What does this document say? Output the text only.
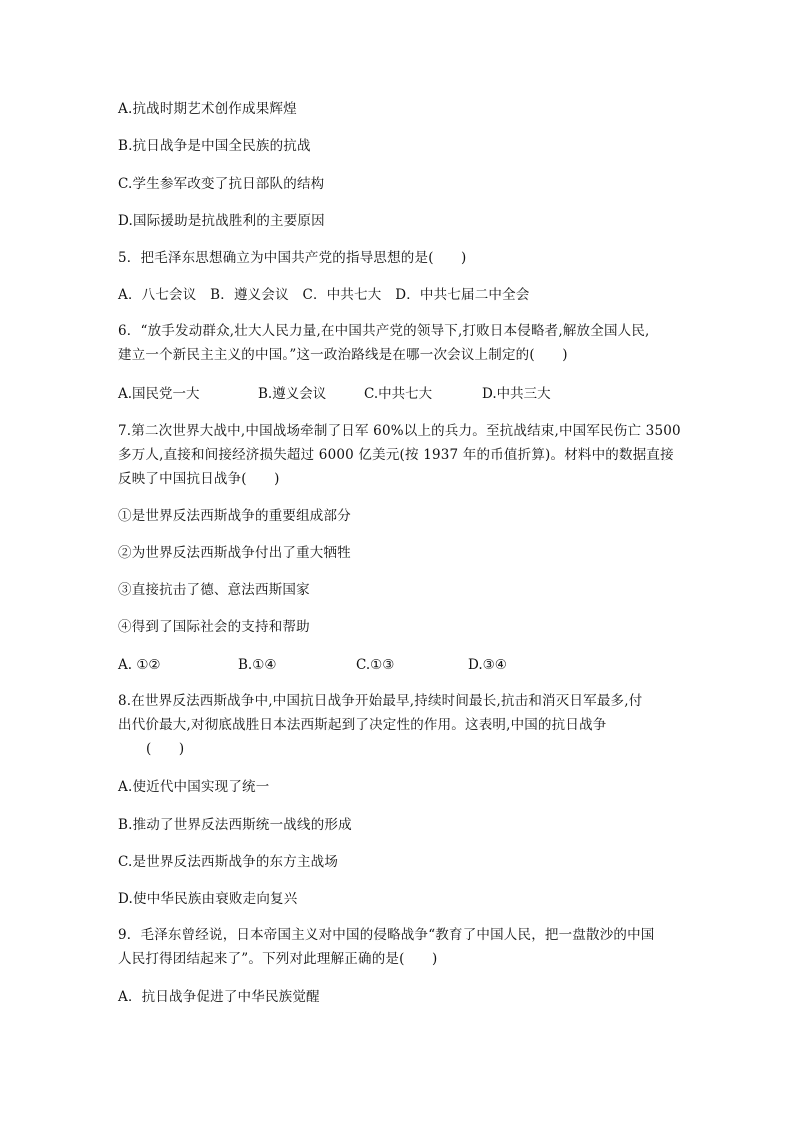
A.抗战时期艺术创作成果辉煌
B.抗日战争是中国全民族的抗战
C.学生参军改变了抗日部队的结构
D.国际援助是抗战胜利的主要原因
5．把毛泽东思想确立为中国共产党的指导思想的是(　　)
A．八七会议　B．遵义会议　C．中共七大　D．中共七届二中全会
6．“放手发动群众,壮大人民力量,在中国共产党的领导下,打败日本侵略者,解放全国人民,
建立一个新民主主义的中国。”这一政治路线是在哪一次会议上制定的(　　)
A.国民党一大	B.遵义会议	C.中共七大	D.中共三大
7.第二次世界大战中,中国战场牵制了日军 60%以上的兵力。至抗战结束,中国军民伤亡 3500
多万人,直接和间接经济损失超过 6000 亿美元(按 1937 年的币值折算)。材料中的数据直接
反映了中国抗日战争(　　)
①是世界反法西斯战争的重要组成部分
②为世界反法西斯战争付出了重大牺牲
③直接抗击了德、意法西斯国家
④得到了国际社会的支持和帮助
A. ①②	B.①④	C.①③	D.③④
8.在世界反法西斯战争中,中国抗日战争开始最早,持续时间最长,抗击和消灭日军最多,付
出代价最大,对彻底战胜日本法西斯起到了决定性的作用。这表明,中国的抗日战争
(　　)
A.使近代中国实现了统一
B.推动了世界反法西斯统一战线的形成
C.是世界反法西斯战争的东方主战场
D.使中华民族由衰败走向复兴
9．毛泽东曾经说，日本帝国主义对中国的侵略战争“教育了中国人民，把一盘散沙的中国
人民打得团结起来了”。下列对此理解正确的是(　　)
A．抗日战争促进了中华民族觉醒
